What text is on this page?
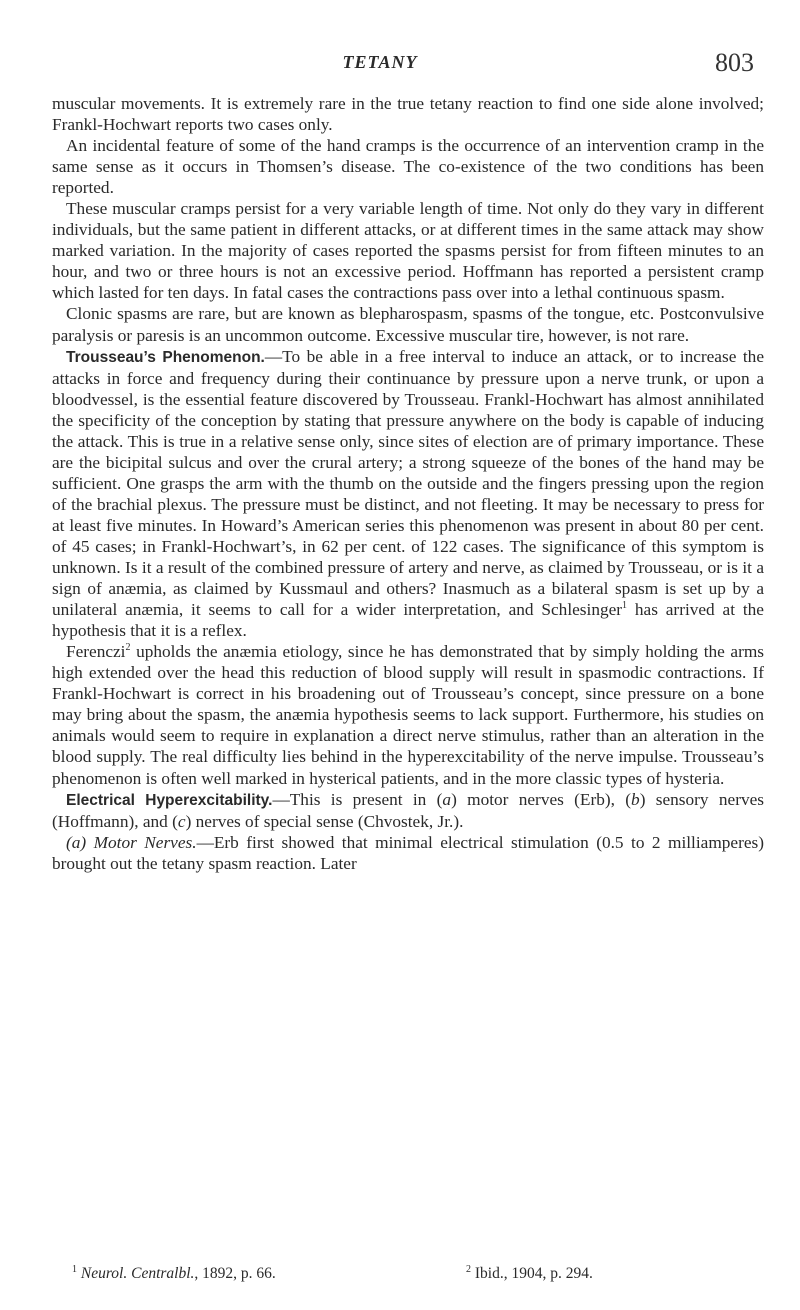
TETANY	803

muscular movements. It is extremely rare in the true tetany reaction to find one side alone involved; Frankl-Hochwart reports two cases only.

An incidental feature of some of the hand cramps is the occurrence of an intervention cramp in the same sense as it occurs in Thomsen’s disease. The co-existence of the two conditions has been reported.

These muscular cramps persist for a very variable length of time. Not only do they vary in different individuals, but the same patient in different attacks, or at different times in the same attack may show marked variation. In the majority of cases reported the spasms persist for from fifteen minutes to an hour, and two or three hours is not an excessive period. Hoffmann has reported a persistent cramp which lasted for ten days. In fatal cases the contractions pass over into a lethal continuous spasm.

Clonic spasms are rare, but are known as blepharospasm, spasms of the tongue, etc. Postconvulsive paralysis or paresis is an uncommon outcome. Excessive muscular tire, however, is not rare.

Trousseau’s Phenomenon.—To be able in a free interval to induce an attack, or to increase the attacks in force and frequency during their continuance by pressure upon a nerve trunk, or upon a bloodvessel, is the essential feature discovered by Trousseau. Frankl-Hochwart has almost annihilated the specificity of the conception by stating that pressure anywhere on the body is capable of inducing the attack. This is true in a relative sense only, since sites of election are of primary importance. These are the bicipital sulcus and over the crural artery; a strong squeeze of the bones of the hand may be sufficient. One grasps the arm with the thumb on the outside and the fingers pressing upon the region of the brachial plexus. The pressure must be distinct, and not fleeting. It may be necessary to press for at least five minutes. In Howard’s American series this phenomenon was present in about 80 per cent. of 45 cases; in Frankl-Hochwart’s, in 62 per cent. of 122 cases. The significance of this symptom is unknown. Is it a result of the combined pressure of artery and nerve, as claimed by Trousseau, or is it a sign of anæmia, as claimed by Kussmaul and others? Inasmuch as a bilateral spasm is set up by a unilateral anæmia, it seems to call for a wider interpretation, and Schlesinger$^1$ has arrived at the hypothesis that it is a reflex.

Ferenczi$^2$ upholds the anæmia etiology, since he has demonstrated that by simply holding the arms high extended over the head this reduction of blood supply will result in spasmodic contractions. If Frankl-Hochwart is correct in his broadening out of Trousseau’s concept, since pressure on a bone may bring about the spasm, the anæmia hypothesis seems to lack support. Furthermore, his studies on animals would seem to require in explanation a direct nerve stimulus, rather than an alteration in the blood supply. The real difficulty lies behind in the hyperexcitability of the nerve impulse. Trousseau’s phenomenon is often well marked in hysterical patients, and in the more classic types of hysteria.

Electrical Hyperexcitability.—This is present in (a) motor nerves (Erb), (b) sensory nerves (Hoffmann), and (c) nerves of special sense (Chvostek, Jr.).

(a) Motor Nerves.—Erb first showed that minimal electrical stimulation (0.5 to 2 milliamperes) brought out the tetany spasm reaction. Later

$^1$ Neurol. Centralbl., 1892, p. 66.	$^2$ Ibid., 1904, p. 294.
